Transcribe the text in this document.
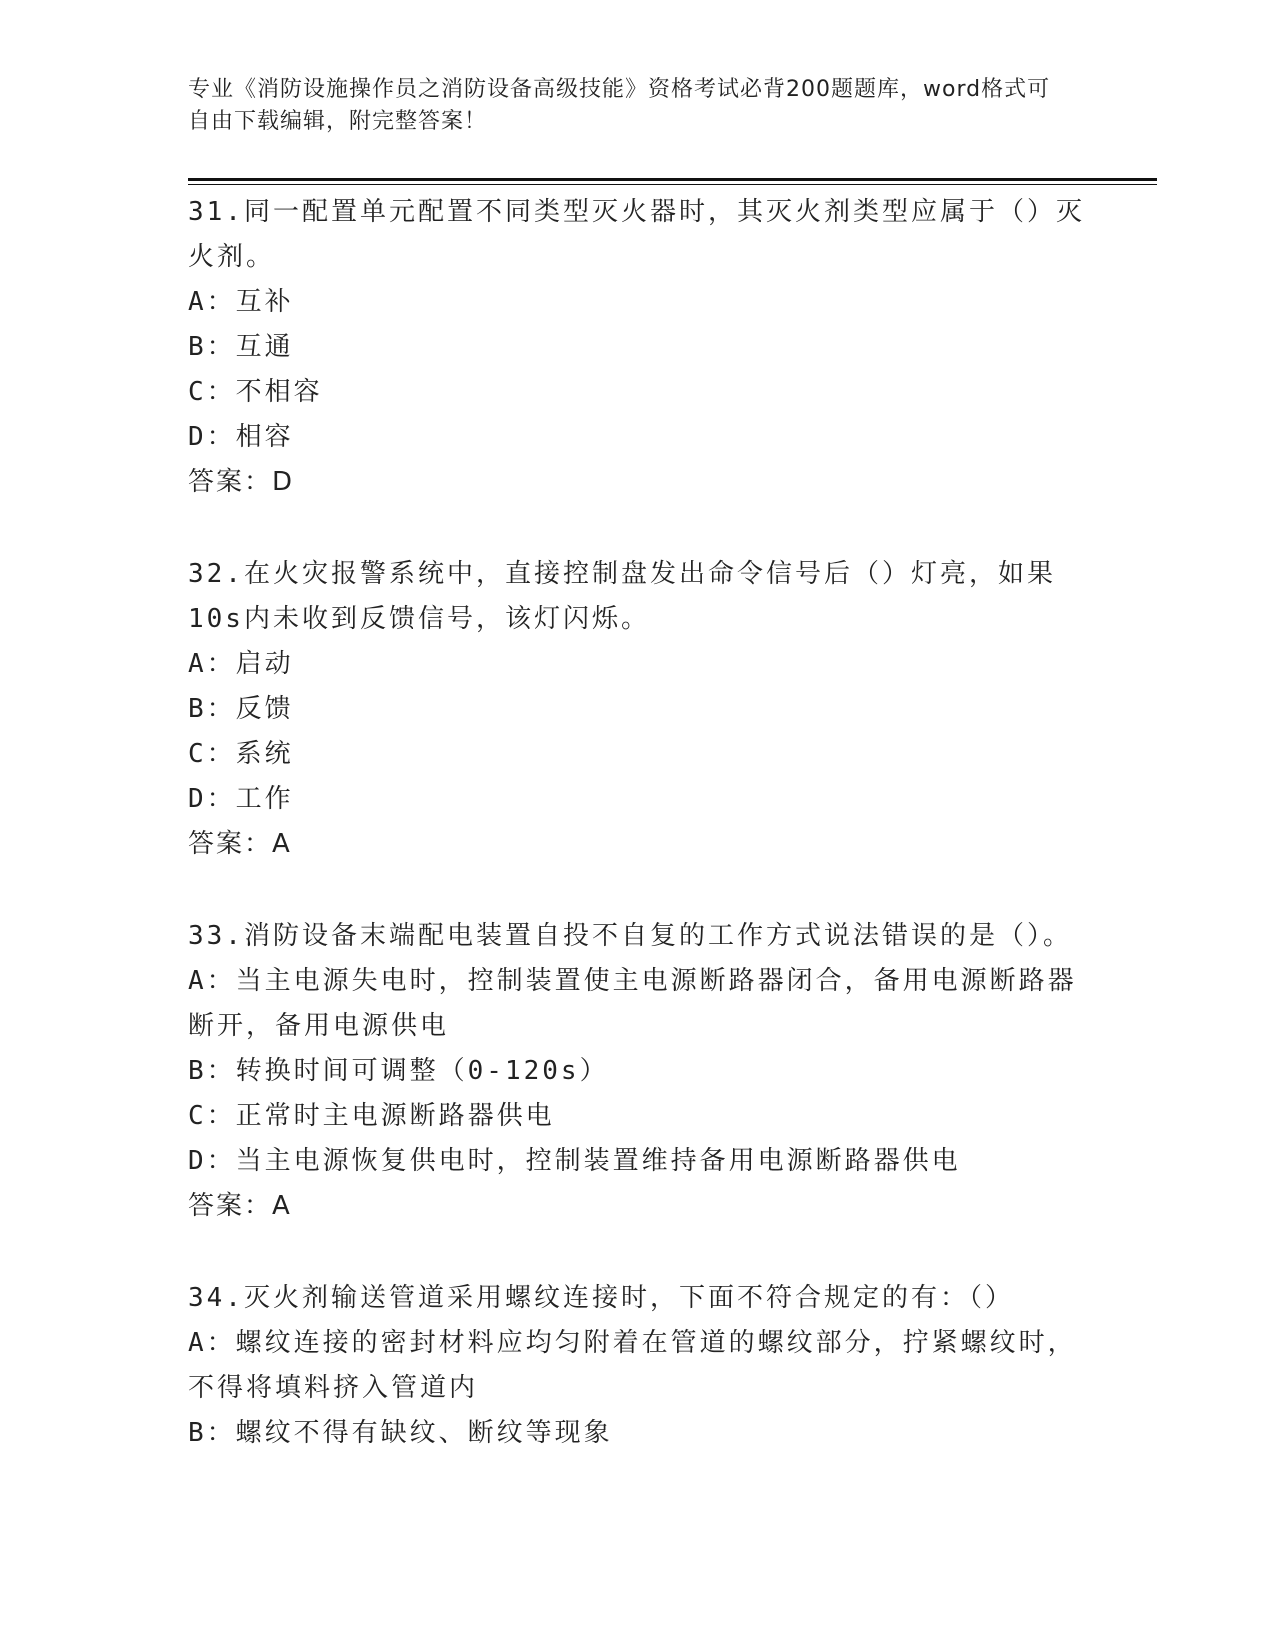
专业《消防设施操作员之消防设备高级技能》资格考试必背200题题库，word格式可自由下载编辑，附完整答案！
31.同一配置单元配置不同类型灭火器时，其灭火剂类型应属于（）灭火剂。
A：互补
B：互通
C：不相容
D：相容
答案：D
32.在火灾报警系统中，直接控制盘发出命令信号后（）灯亮，如果10s内未收到反馈信号，该灯闪烁。
A：启动
B：反馈
C：系统
D：工作
答案：A
33.消防设备末端配电装置自投不自复的工作方式说法错误的是（）。
A：当主电源失电时，控制装置使主电源断路器闭合，备用电源断路器断开，备用电源供电
B：转换时间可调整（0-120s）
C：正常时主电源断路器供电
D：当主电源恢复供电时，控制装置维持备用电源断路器供电
答案：A
34.灭火剂输送管道采用螺纹连接时，下面不符合规定的有：（）
A：螺纹连接的密封材料应均匀附着在管道的螺纹部分，拧紧螺纹时，不得将填料挤入管道内
B：螺纹不得有缺纹、断纹等现象
